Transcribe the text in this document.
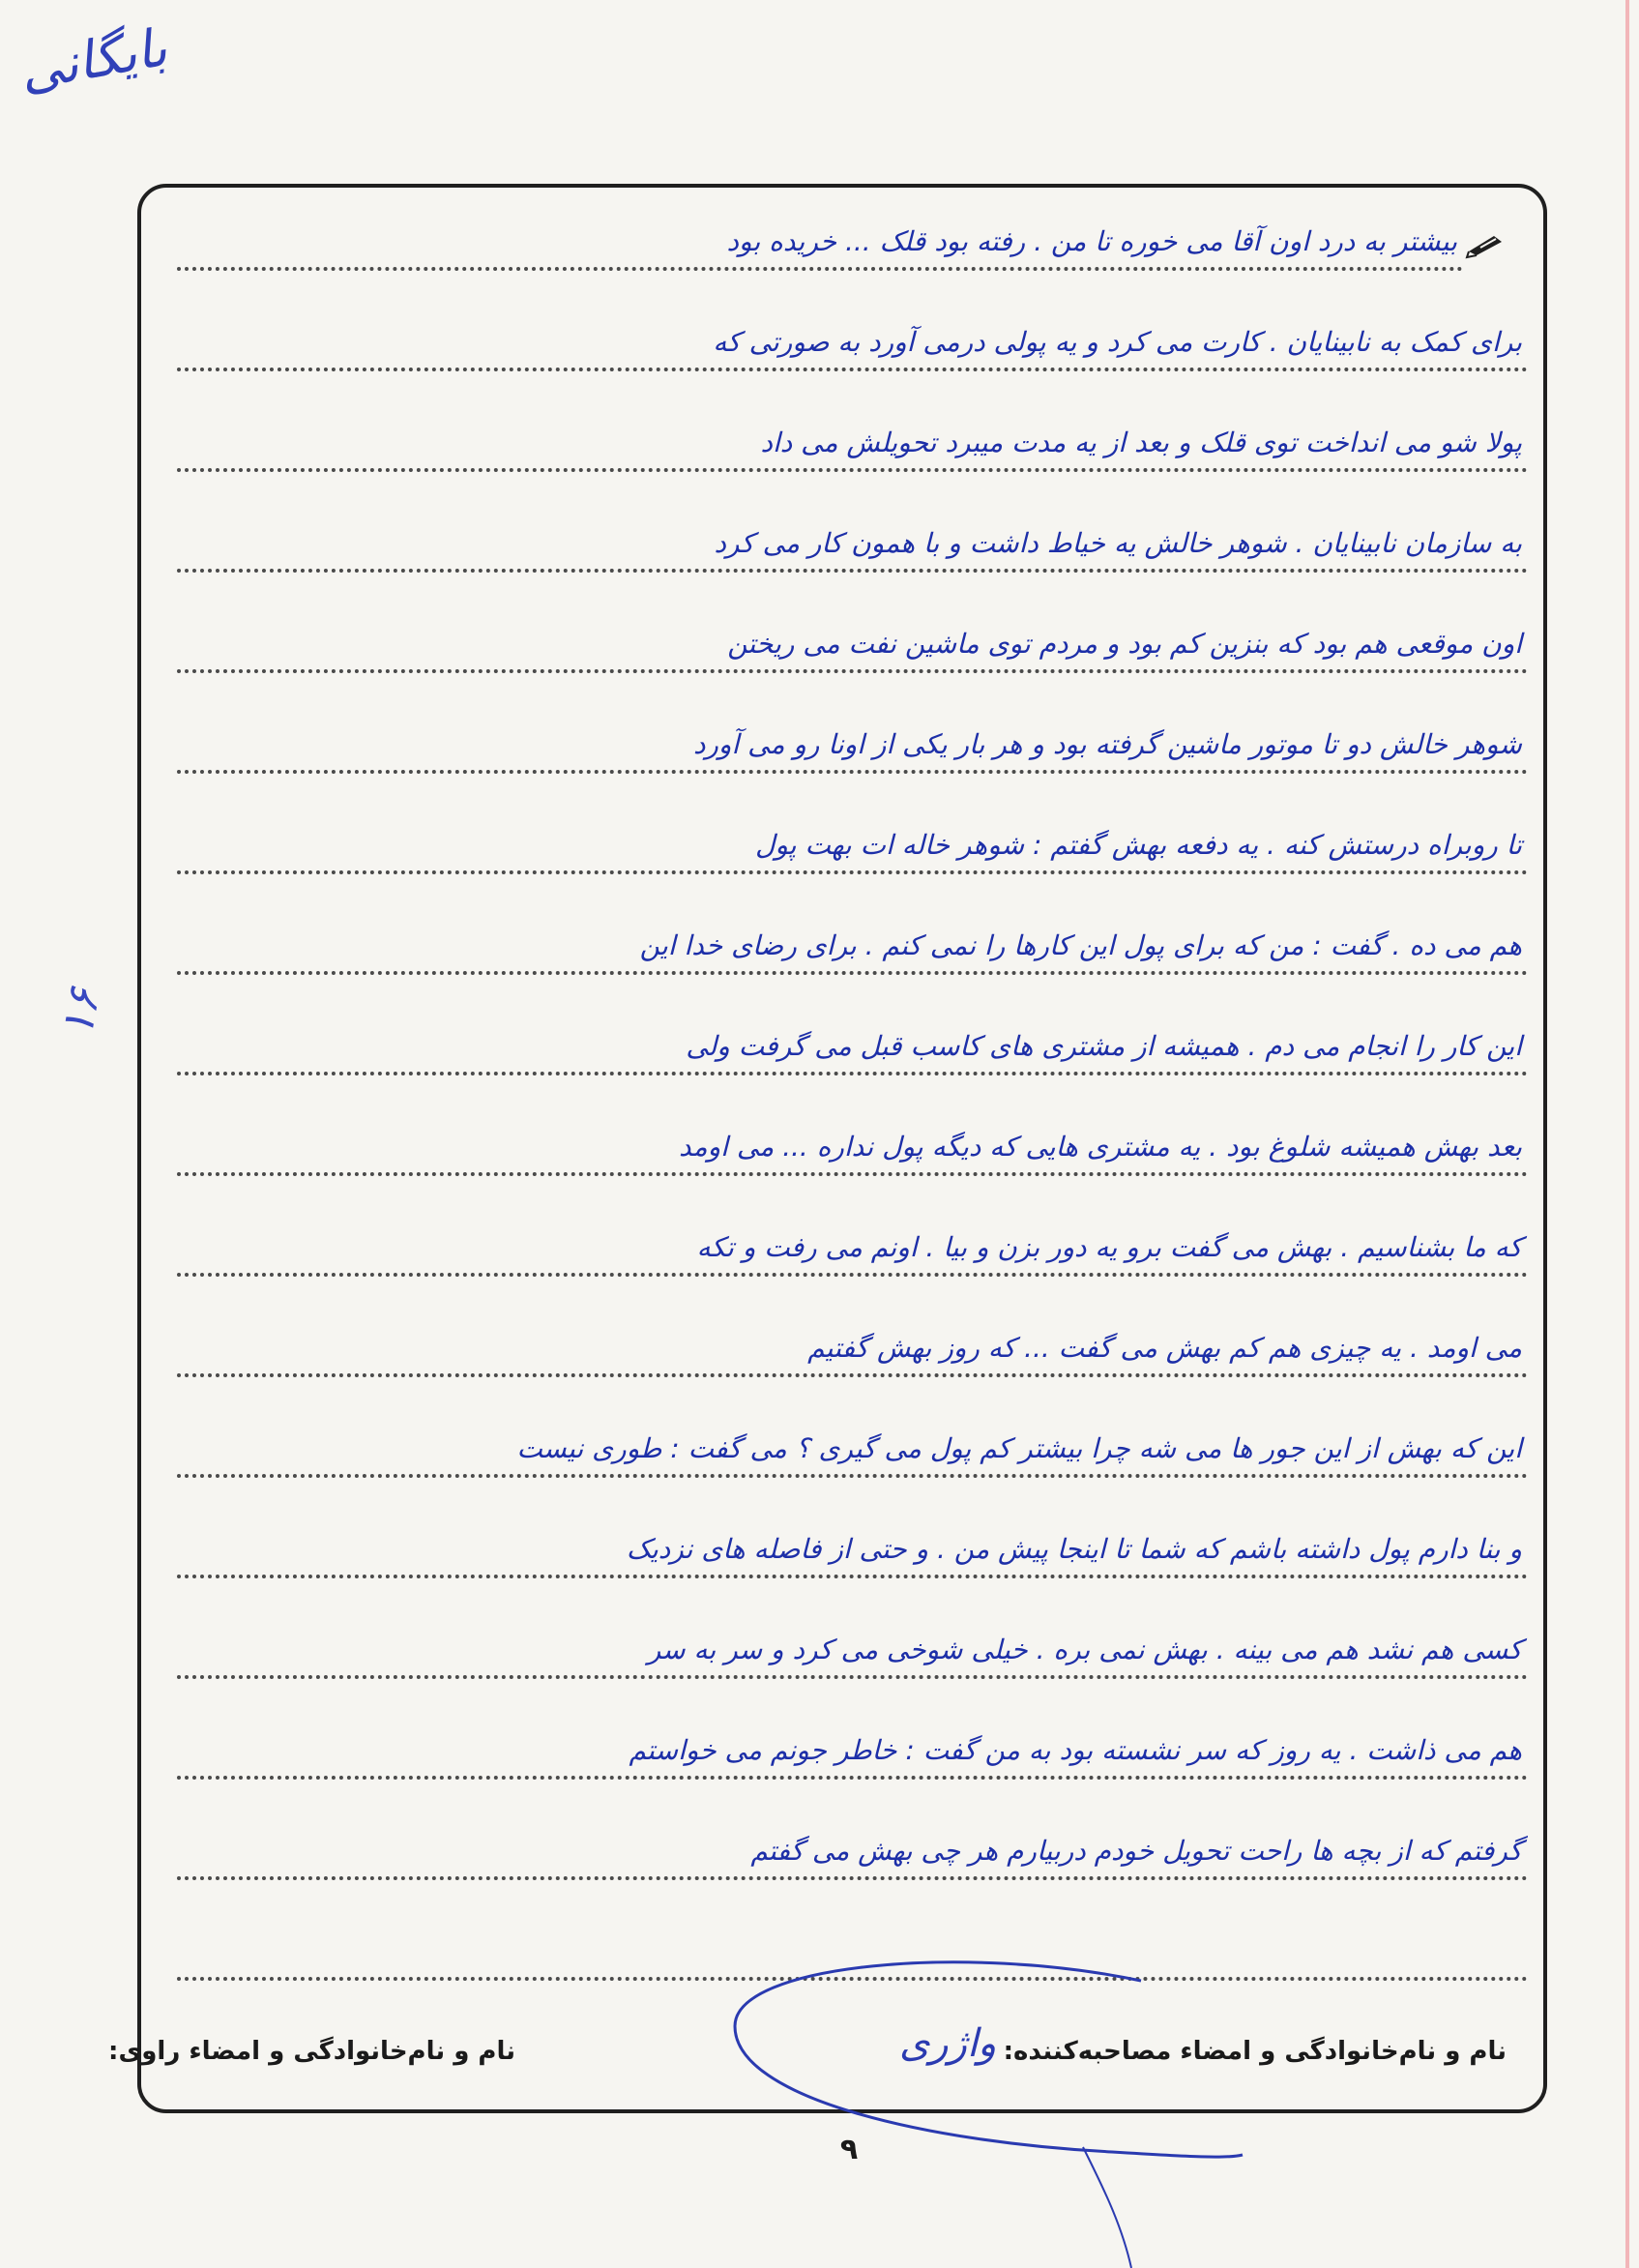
بایگانی
۱۶
بیشتر به درد اون آقا می خوره تا من . رفته بود قلک ... خریده بود
برای کمک به نابینایان . کارت می کرد و یه پولی درمی آورد به صورتی که
پولا شو می انداخت توی قلک و بعد از یه مدت میبرد تحویلش می داد
به سازمان نابینایان . شوهر خالش یه خیاط داشت و با همون کار می کرد
اون موقعی هم بود که بنزین کم بود و مردم توی ماشین نفت می ریختن
شوهر خالش دو تا موتور ماشین گرفته بود و هر بار یکی از اونا رو می آورد
تا روبراه درستش کنه . یه دفعه بهش گفتم : شوهر خاله ات بهت پول
هم می ده . گفت : من که برای پول این کارها را نمی کنم . برای رضای خدا این
این کار را انجام می دم . همیشه از مشتری های کاسب قبل می گرفت ولی
بعد بهش همیشه شلوغ بود . یه مشتری هایی که دیگه پول نداره ... می اومد
که ما بشناسیم . بهش می گفت برو یه دور بزن و بیا . اونم می رفت و تکه
می اومد . یه چیزی هم کم بهش می گفت ... که روز بهش گفتیم
این که بهش از این جور ها می شه چرا بیشتر کم پول می گیری ؟ می گفت : طوری نیست
و بنا دارم پول داشته باشم که شما تا اینجا پیش من . و حتی از فاصله های نزدیک
کسی هم نشد هم می بینه . بهش نمی بره . خیلی شوخی می کرد و سر به سر
هم می ذاشت . یه روز که سر نشسته بود به من گفت : خاطر جونم می خواستم
گرفتم که از بچه ها راحت تحویل خودم دربیارم هر چی بهش می گفتم
نام و نام‌خانوادگی و امضاء مصاحبه‌کننده:
نام و نام‌خانوادگی و امضاء راوی:	واژری
۹
